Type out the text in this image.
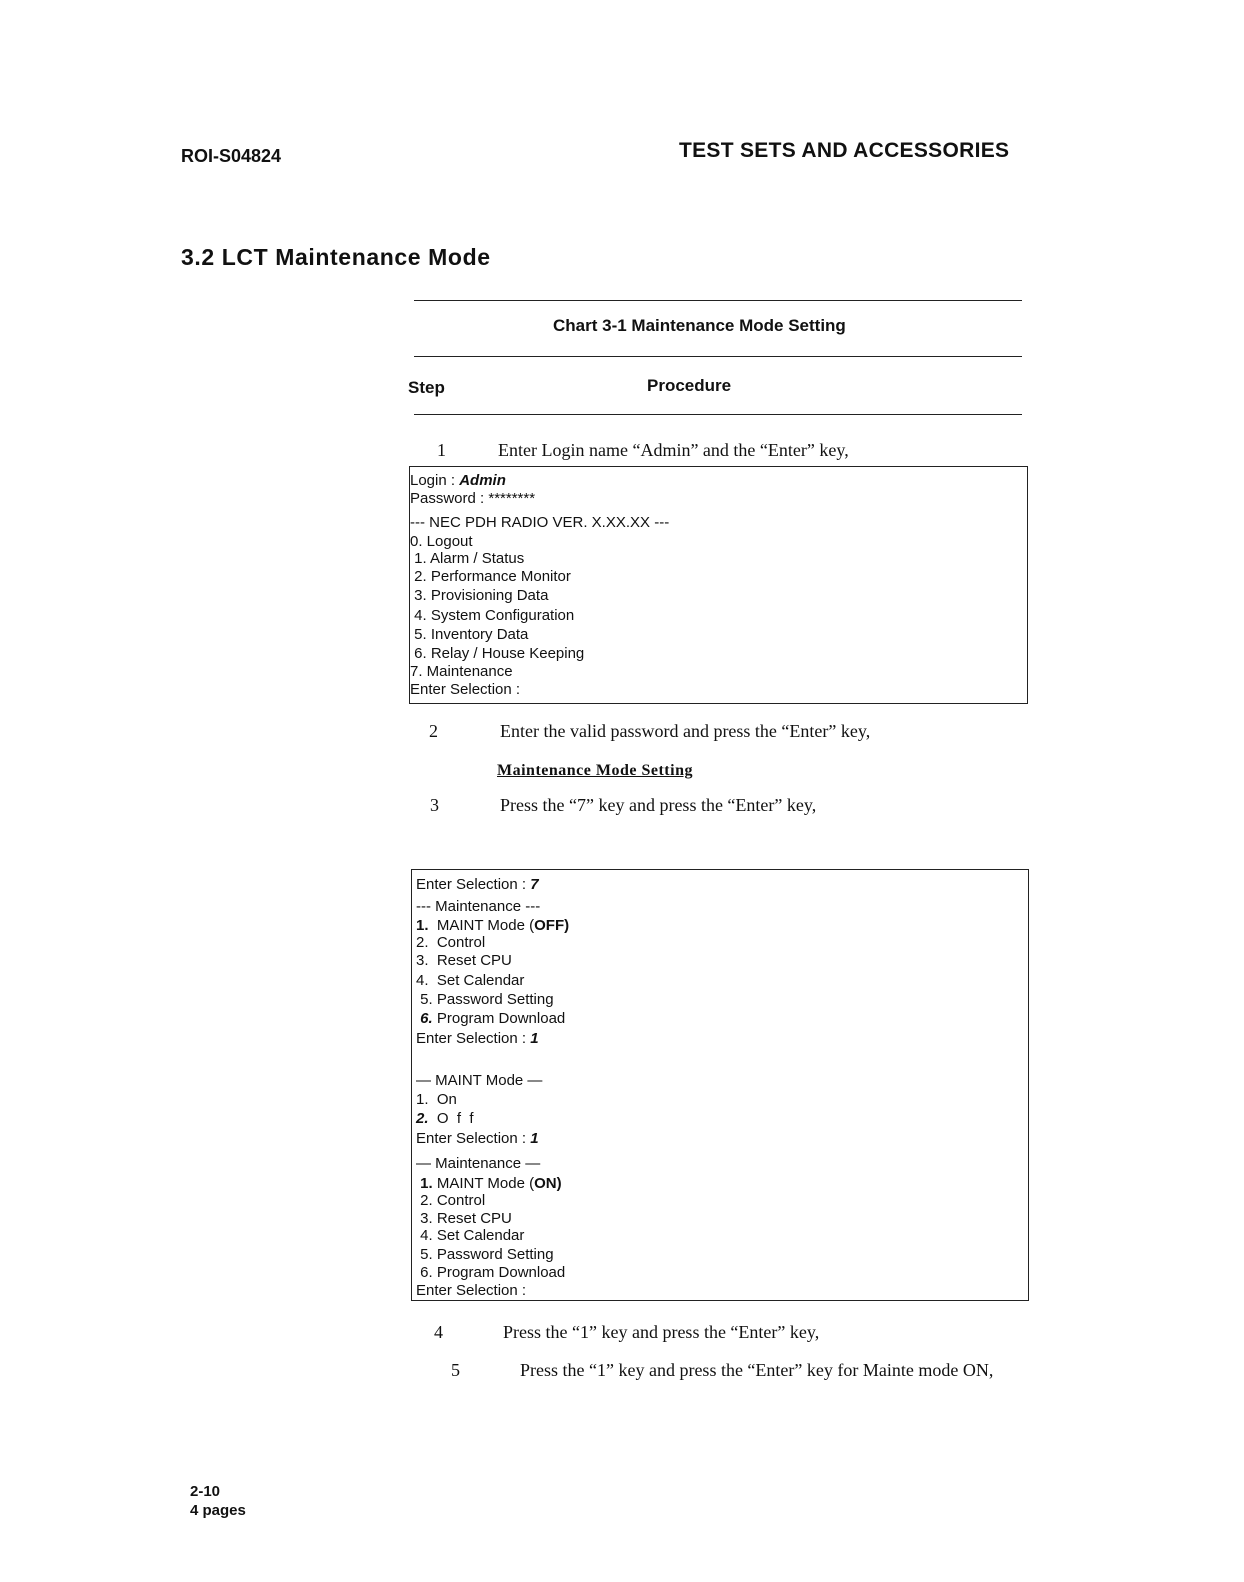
ROI-S04824	TEST SETS AND ACCESSORIES
3.2 LCT Maintenance Mode
Chart 3-1 Maintenance Mode Setting
Step	Procedure
1	Enter Login name “Admin” and the “Enter” key,
Login : Admin
Password : ********
--- NEC PDH RADIO VER. X.XX.XX ---
0. Logout
1. Alarm / Status
2. Performance Monitor
3. Provisioning Data
4. System Configuration
5. Inventory Data
6. Relay / House Keeping
7. Maintenance
Enter Selection :
2	Enter the valid password and press the “Enter” key,
Maintenance Mode Setting
3	Press the “7” key and press the “Enter” key,
Enter Selection : 7
--- Maintenance ---
1.  MAINT Mode (OFF)
2.  Control
3.  Reset CPU
4.  Set Calendar
5. Password Setting
6. Program Download
Enter Selection : 1
— MAINT Mode —
1.  On
2.  O  f  f
Enter Selection : 1
— Maintenance —
1. MAINT Mode (ON)
2. Control
3. Reset CPU
4. Set Calendar
5. Password Setting
6. Program Download
Enter Selection :
4	Press the “1” key and press the “Enter” key,
5	Press the “1” key and press the “Enter” key for Mainte mode ON,
2-10
4 pages
